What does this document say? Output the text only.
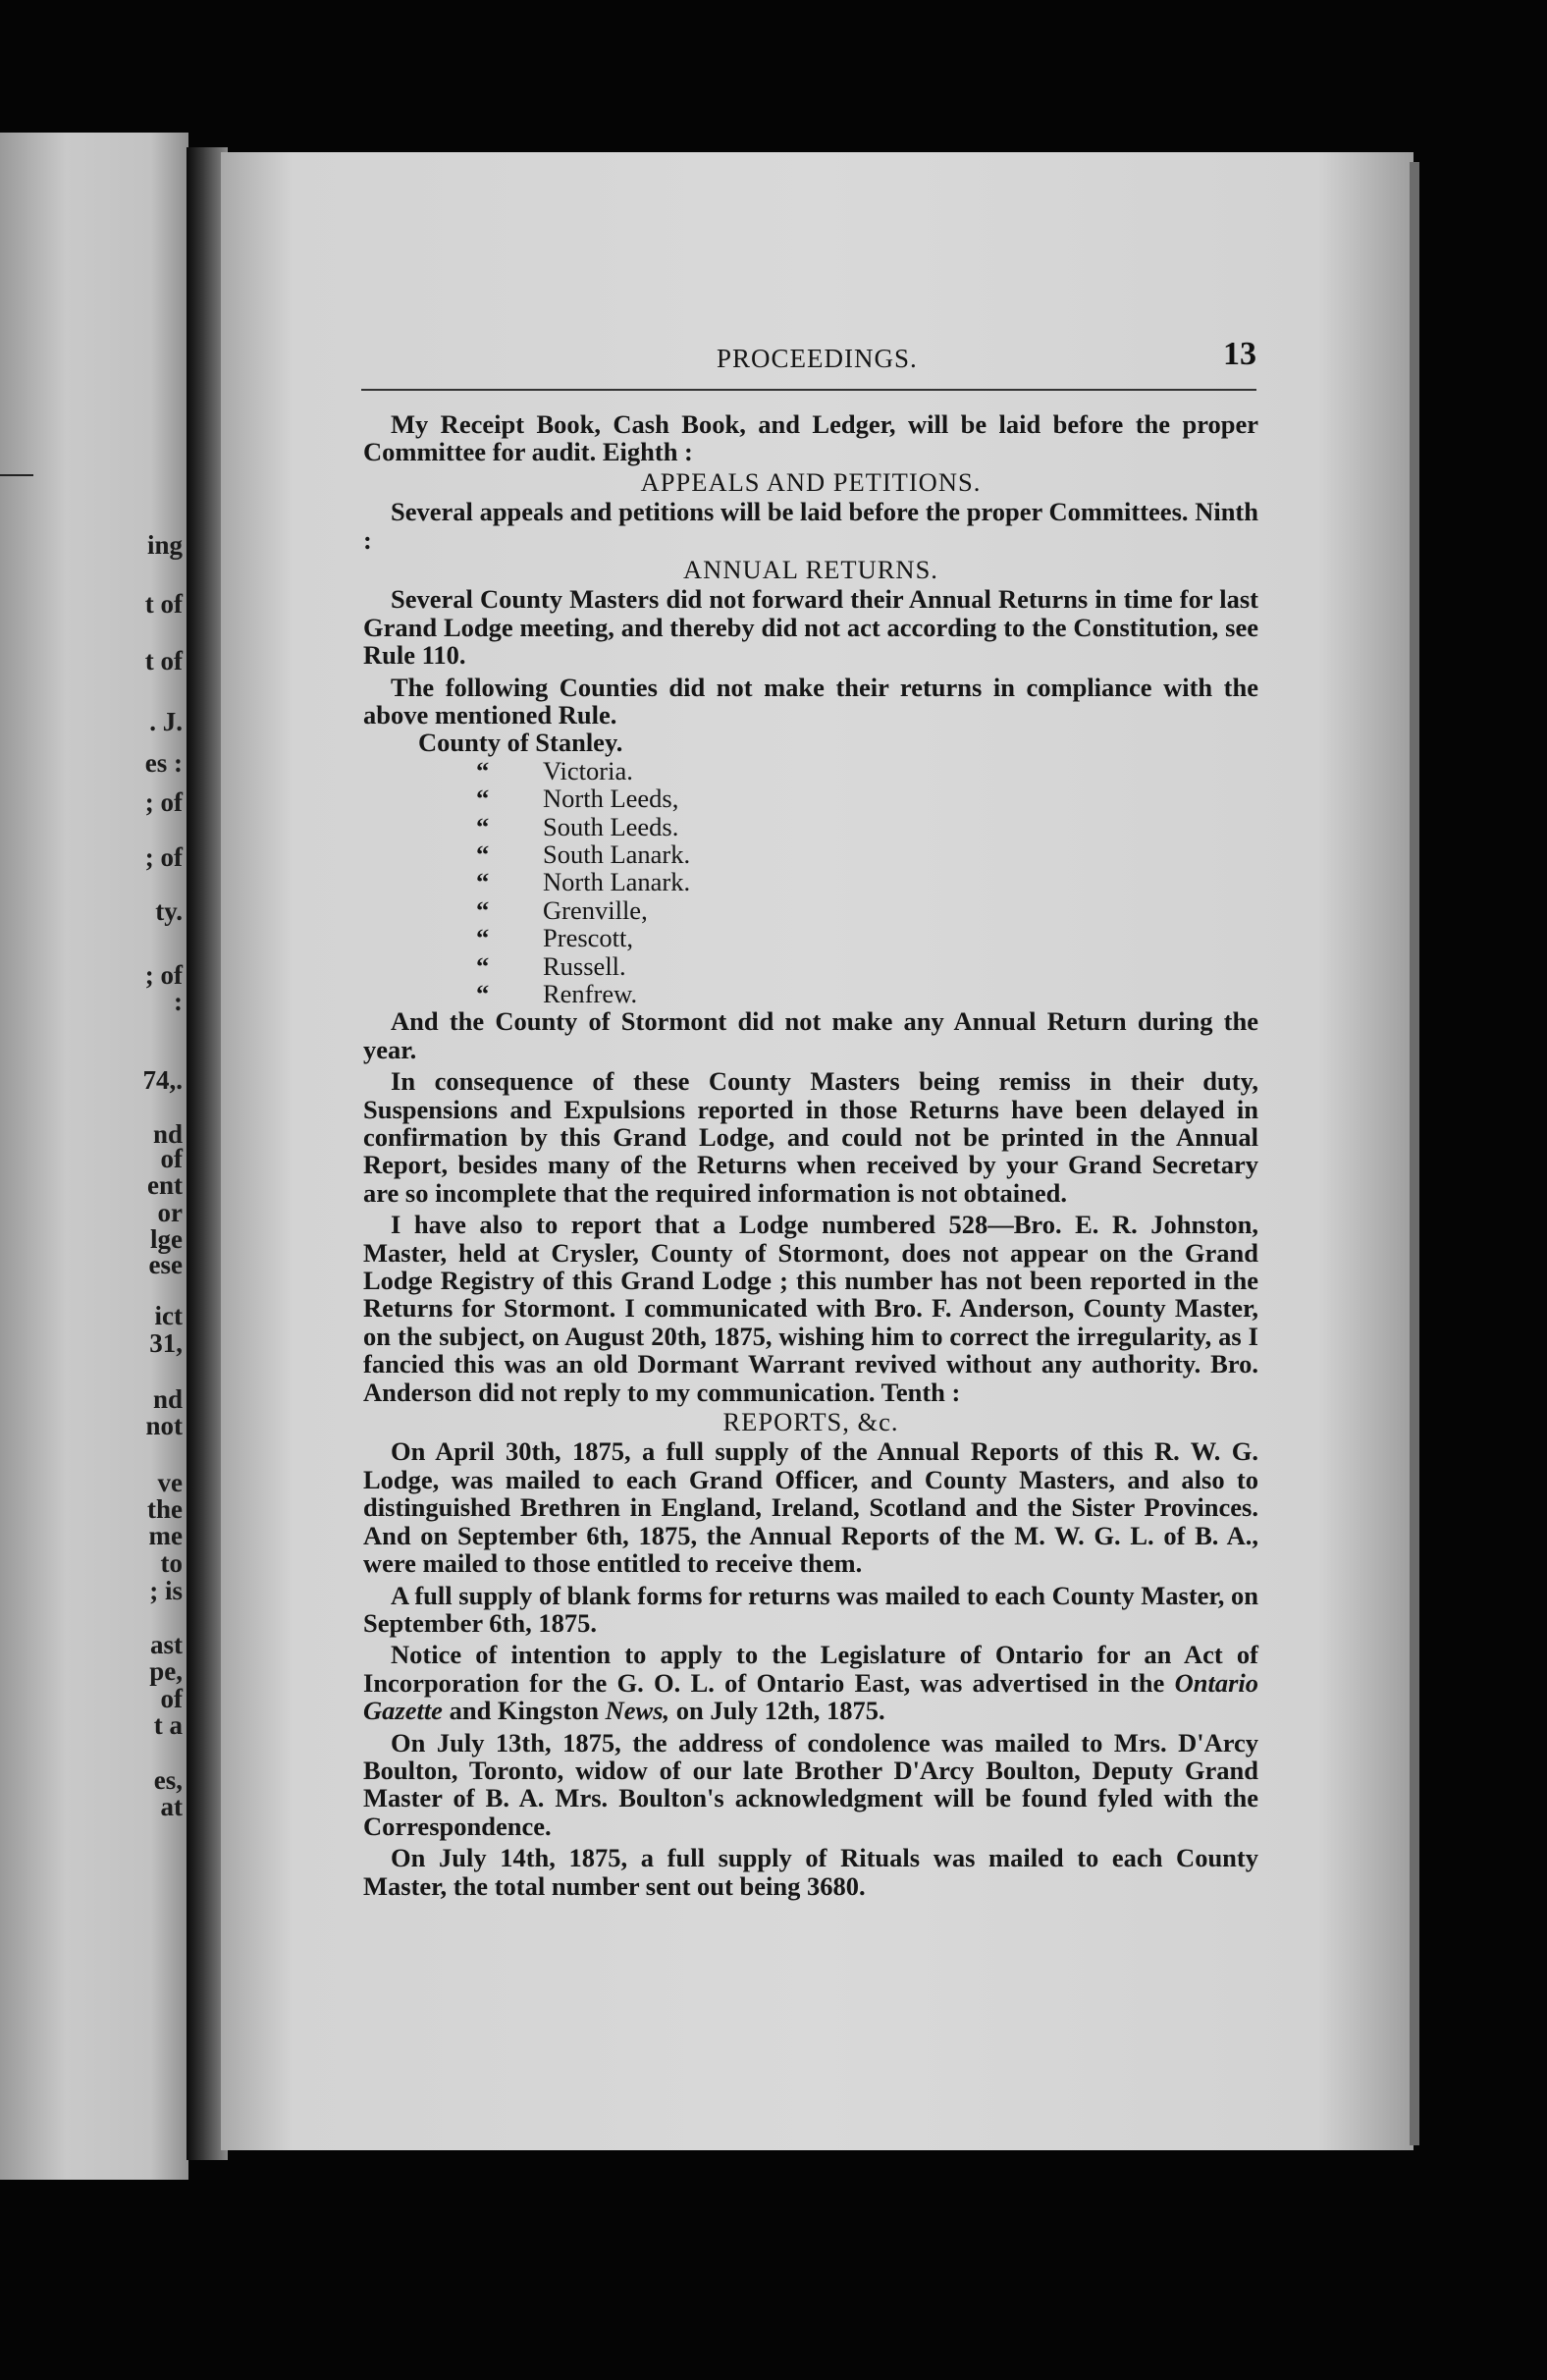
ing
t of
t of
. J.
es :
; of
; of
ty.
; of
:
74,.
nd
of
ent
or
lge
ese
ict
31,
nd
not
ve
the
me
to
; is
ast
pe,
of
t a
es,
at
PROCEEDINGS.	13

My Receipt Book, Cash Book, and Ledger, will be laid before the proper Committee for audit. Eighth :

APPEALS AND PETITIONS.

Several appeals and petitions will be laid before the proper Committees. Ninth :

ANNUAL RETURNS.

Several County Masters did not forward their Annual Returns in time for last Grand Lodge meeting, and thereby did not act according to the Constitution, see Rule 110.

The following Counties did not make their returns in compliance with the above mentioned Rule.

County of Stanley.
“ Victoria.
“ North Leeds,
“ South Leeds.
“ South Lanark.
“ North Lanark.
“ Grenville,
“ Prescott,
“ Russell.
“ Renfrew.

And the County of Stormont did not make any Annual Return during the year.

In consequence of these County Masters being remiss in their duty, Suspensions and Expulsions reported in those Returns have been delayed in confirmation by this Grand Lodge, and could not be printed in the Annual Report, besides many of the Returns when received by your Grand Secretary are so incomplete that the required information is not obtained.

I have also to report that a Lodge numbered 528—Bro. E. R. Johnston, Master, held at Crysler, County of Stormont, does not appear on the Grand Lodge Registry of this Grand Lodge ; this number has not been reported in the Returns for Stormont. I communicated with Bro. F. Anderson, County Master, on the subject, on August 20th, 1875, wishing him to correct the irregularity, as I fancied this was an old Dormant Warrant revived without any authority. Bro. Anderson did not reply to my communication. Tenth :

REPORTS, &c.

On April 30th, 1875, a full supply of the Annual Reports of this R. W. G. Lodge, was mailed to each Grand Officer, and County Masters, and also to distinguished Brethren in England, Ireland, Scotland and the Sister Provinces. And on September 6th, 1875, the Annual Reports of the M. W. G. L. of B. A., were mailed to those entitled to receive them.

A full supply of blank forms for returns was mailed to each County Master, on September 6th, 1875.

Notice of intention to apply to the Legislature of Ontario for an Act of Incorporation for the G. O. L. of Ontario East, was advertised in the Ontario Gazette and Kingston News, on July 12th, 1875.

On July 13th, 1875, the address of condolence was mailed to Mrs. D'Arcy Boulton, Toronto, widow of our late Brother D'Arcy Boulton, Deputy Grand Master of B. A. Mrs. Boulton's acknowledgment will be found fyled with the Correspondence.

On July 14th, 1875, a full supply of Rituals was mailed to each County Master, the total number sent out being 3680.
